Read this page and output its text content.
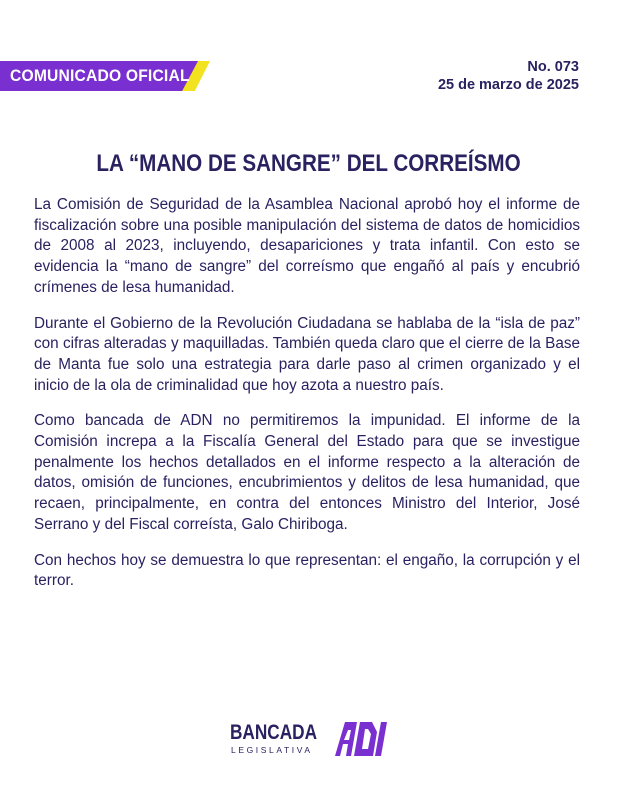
COMUNICADO OFICIAL	No. 073
25 de marzo de 2025
LA “MANO DE SANGRE” DEL CORREÍSMO

La Comisión de Seguridad de la Asamblea Nacional aprobó hoy el informe de fiscalización sobre una posible manipulación del sistema de datos de homicidios de 2008 al 2023, incluyendo, desapariciones y trata infantil. Con esto se evidencia la “mano de sangre” del correísmo que engañó al país y encubrió crímenes de lesa humanidad.

Durante el Gobierno de la Revolución Ciudadana se hablaba de la “isla de paz” con cifras alteradas y maquilladas. También queda claro que el cierre de la Base de Manta fue solo una estrategia para darle paso al crimen organizado y el inicio de la ola de criminalidad que hoy azota a nuestro país.

Como bancada de ADN no permitiremos la impunidad. El informe de la Comisión increpa a la Fiscalía General del Estado para que se investigue penalmente los hechos detallados en el informe respecto a la alteración de datos, omisión de funciones, encubrimientos y delitos de lesa humanidad, que recaen, principalmente, en contra del entonces Ministro del Interior, José Serrano y del Fiscal correísta, Galo Chiriboga.

Con hechos hoy se demuestra lo que representan: el engaño, la corrupción y el terror.

BANCADA
LEGISLATIVA
